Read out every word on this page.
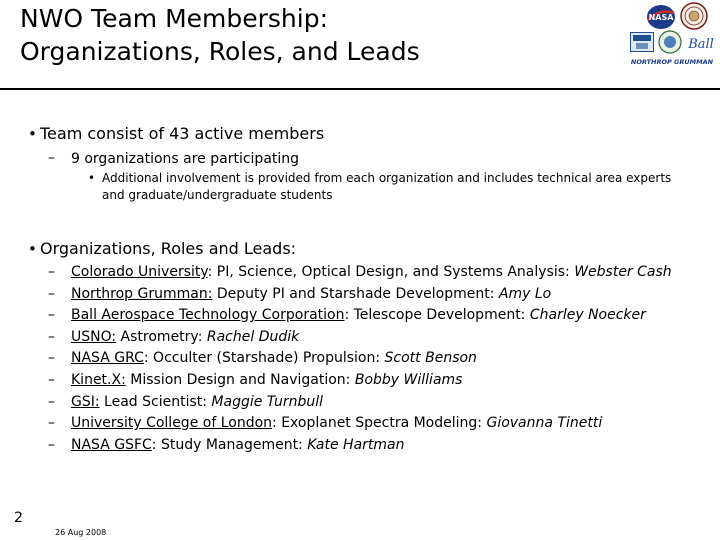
NWO Team Membership:
Organizations, Roles, and Leads
NASA
Ball
NORTHROP GRUMMAN
• Team consist of 43 active members
– 9 organizations are participating
• Additional involvement is provided from each organization and includes technical area experts
and graduate/undergraduate students
• Organizations, Roles and Leads:
– Colorado University: PI, Science, Optical Design, and Systems Analysis: Webster Cash
– Northrop Grumman: Deputy PI and Starshade Development: Amy Lo
– Ball Aerospace Technology Corporation: Telescope Development: Charley Noecker
– USNO: Astrometry: Rachel Dudik
– NASA GRC: Occulter (Starshade) Propulsion: Scott Benson
– Kinet.X: Mission Design and Navigation: Bobby Williams
– GSI: Lead Scientist: Maggie Turnbull
– University College of London: Exoplanet Spectra Modeling: Giovanna Tinetti
– NASA GSFC: Study Management: Kate Hartman
2
26 Aug 2008
